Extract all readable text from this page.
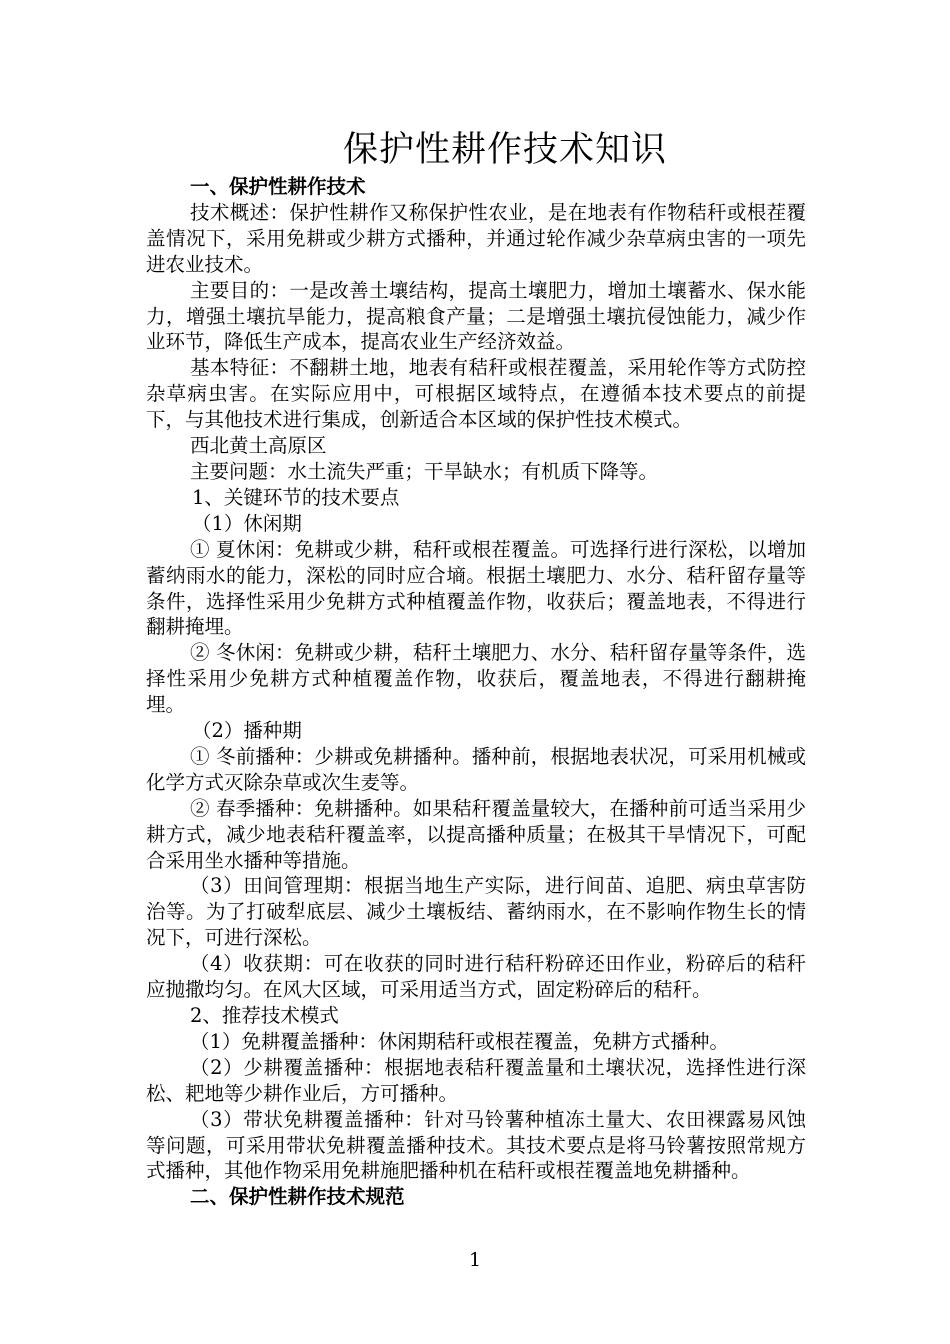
保护性耕作技术知识

一、保护性耕作技术

技术概述：保护性耕作又称保护性农业，是在地表有作物秸秆或根茬覆盖情况下，采用免耕或少耕方式播种，并通过轮作减少杂草病虫害的一项先进农业技术。

主要目的：一是改善土壤结构，提高土壤肥力，增加土壤蓄水、保水能力，增强土壤抗旱能力，提高粮食产量；二是增强土壤抗侵蚀能力，减少作业环节，降低生产成本，提高农业生产经济效益。

基本特征：不翻耕土地，地表有秸秆或根茬覆盖，采用轮作等方式防控杂草病虫害。在实际应用中，可根据区域特点，在遵循本技术要点的前提下，与其他技术进行集成，创新适合本区域的保护性技术模式。

西北黄土高原区

主要问题：水土流失严重；干旱缺水；有机质下降等。

1、关键环节的技术要点

（1）休闲期

① 夏休闲：免耕或少耕，秸秆或根茬覆盖。可选择行进行深松，以增加蓄纳雨水的能力，深松的同时应合墒。根据土壤肥力、水分、秸秆留存量等条件，选择性采用少免耕方式种植覆盖作物，收获后；覆盖地表，不得进行翻耕掩埋。

② 冬休闲：免耕或少耕，秸秆土壤肥力、水分、秸秆留存量等条件，选择性采用少免耕方式种植覆盖作物，收获后，覆盖地表，不得进行翻耕掩埋。

（2）播种期

① 冬前播种：少耕或免耕播种。播种前，根据地表状况，可采用机械或化学方式灭除杂草或次生麦等。

② 春季播种：免耕播种。如果秸秆覆盖量较大，在播种前可适当采用少耕方式，减少地表秸秆覆盖率，以提高播种质量；在极其干旱情况下，可配合采用坐水播种等措施。

（3）田间管理期：根据当地生产实际，进行间苗、追肥、病虫草害防治等。为了打破犁底层、减少土壤板结、蓄纳雨水，在不影响作物生长的情况下，可进行深松。

（4）收获期：可在收获的同时进行秸秆粉碎还田作业，粉碎后的秸秆应抛撒均匀。在风大区域，可采用适当方式，固定粉碎后的秸秆。

2、推荐技术模式

（1）免耕覆盖播种：休闲期秸秆或根茬覆盖，免耕方式播种。

（2）少耕覆盖播种：根据地表秸秆覆盖量和土壤状况，选择性进行深松、耙地等少耕作业后，方可播种。

（3）带状免耕覆盖播种：针对马铃薯种植冻土量大、农田裸露易风蚀等问题，可采用带状免耕覆盖播种技术。其技术要点是将马铃薯按照常规方式播种，其他作物采用免耕施肥播种机在秸秆或根茬覆盖地免耕播种。

二、保护性耕作技术规范

1
